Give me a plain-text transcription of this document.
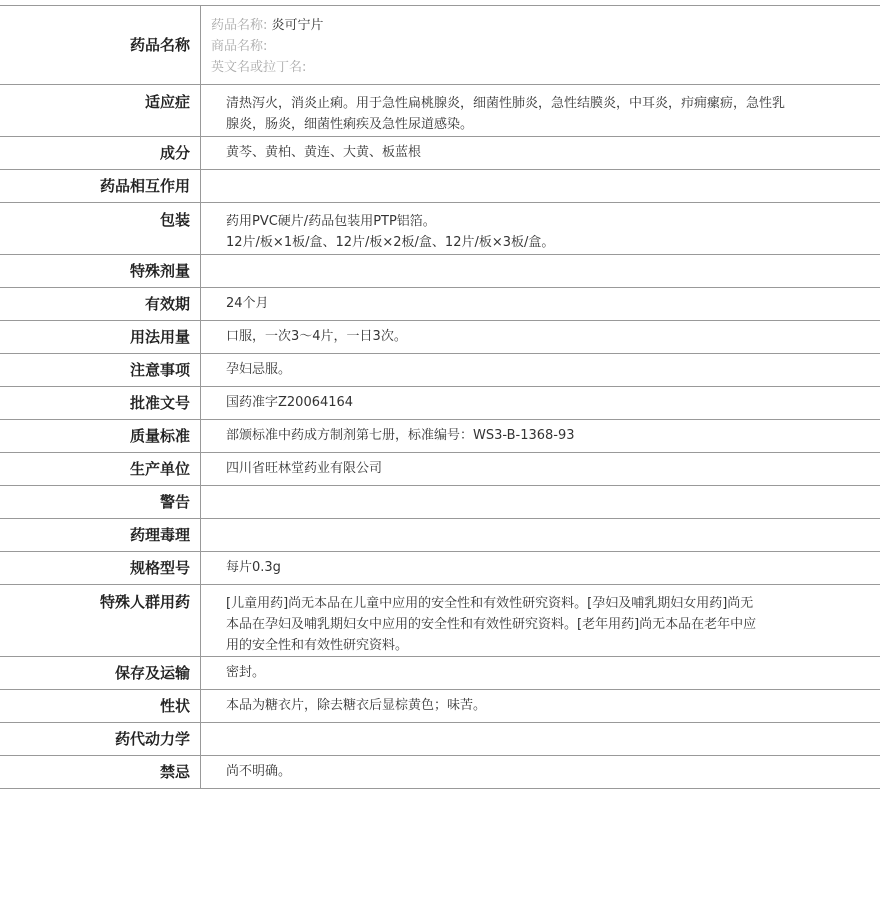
药品名称	药品名称: 炎可宁片
商品名称:
英文名或拉丁名:

适应症	清热泻火，消炎止痢。用于急性扁桃腺炎，细菌性肺炎，急性结膜炎，中耳炎，疖痈瘰疬，急性乳腺炎，肠炎，细菌性痢疾及急性尿道感染。

成分	黄芩、黄柏、黄连、大黄、板蓝根

药品相互作用	

包装	药用PVC硬片/药品包装用PTP铝箔。
12片/板×1板/盒、12片/板×2板/盒、12片/板×3板/盒。

特殊剂量	

有效期	24个月

用法用量	口服，一次3～4片，一日3次。

注意事项	孕妇忌服。

批准文号	国药准字Z20064164

质量标准	部颁标准中药成方制剂第七册，标准编号：WS3-B-1368-93

生产单位	四川省旺林堂药业有限公司

警告	

药理毒理	

规格型号	每片0.3g

特殊人群用药	[儿童用药]尚无本品在儿童中应用的安全性和有效性研究资料。[孕妇及哺乳期妇女用药]尚无本品在孕妇及哺乳期妇女中应用的安全性和有效性研究资料。[老年用药]尚无本品在老年中应用的安全性和有效性研究资料。

保存及运输	密封。

性状	本品为糖衣片，除去糖衣后显棕黄色；味苦。

药代动力学	

禁忌	尚不明确。
